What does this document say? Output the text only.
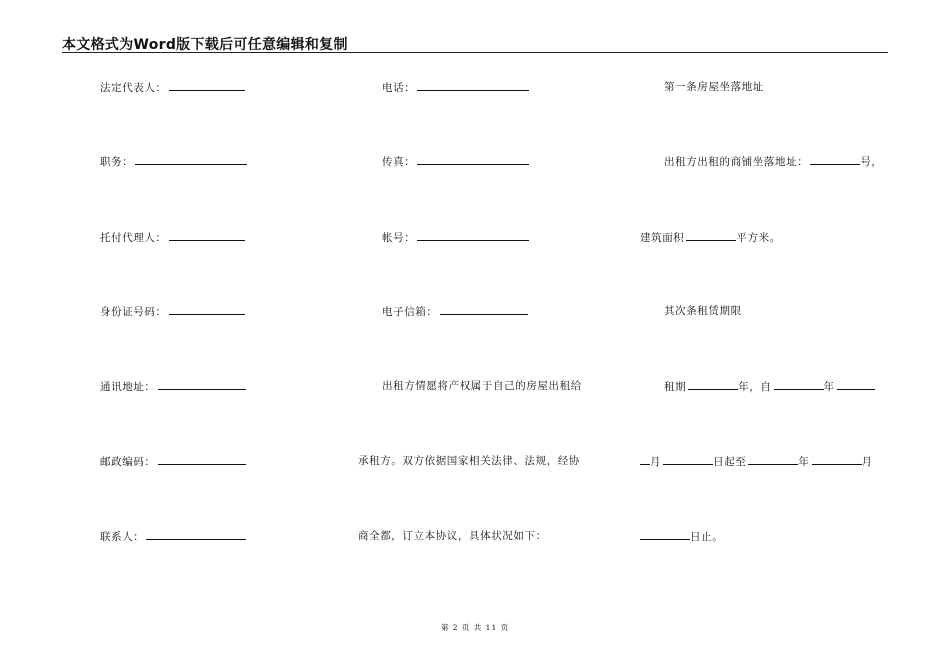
本文格式为Word版下载后可任意编辑和复制
法定代表人：
职务：
托付代理人：
身份证号码：
通讯地址：
邮政编码：
联系人：
电话：
传真：
帐号：
电子信箱：
出租方情愿将产权属于自己的房屋出租给
承租方。双方依据国家相关法律、法规，经协
商全都，订立本协议，具体状况如下：
第一条房屋坐落地址
出租方出租的商铺坐落地址：	号，
建筑面积	平方米。
其次条租赁期限
租期	年，自	年
月	日起至	年	月
日止。
第 2 页 共 11 页
